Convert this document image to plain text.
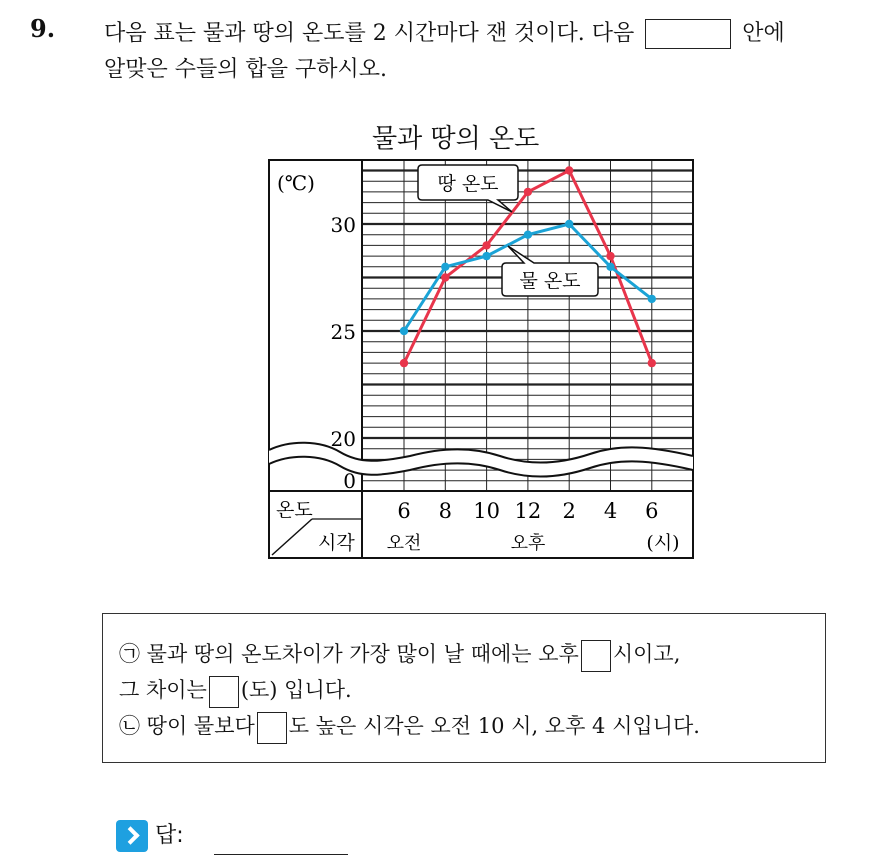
9. 다음 표는 물과 땅의 온도를 2 시간마다 잰 것이다. 다음	안에
알맞은 수들의 합을 구하시오.
물과 땅의 온도
(℃)
30
25
20
0
땅 온도
물 온도
6 8 10 12 2 4 6
온도
시각 오전	오후	(시)
㉠ 물과 땅의 온도차이가 가장 많이 날 때에는 오후 시이고,
그 차이는 (도) 입니다.
㉡ 땅이 물보다 도 높은 시각은 오전 10 시, 오후 4 시입니다.
답:
